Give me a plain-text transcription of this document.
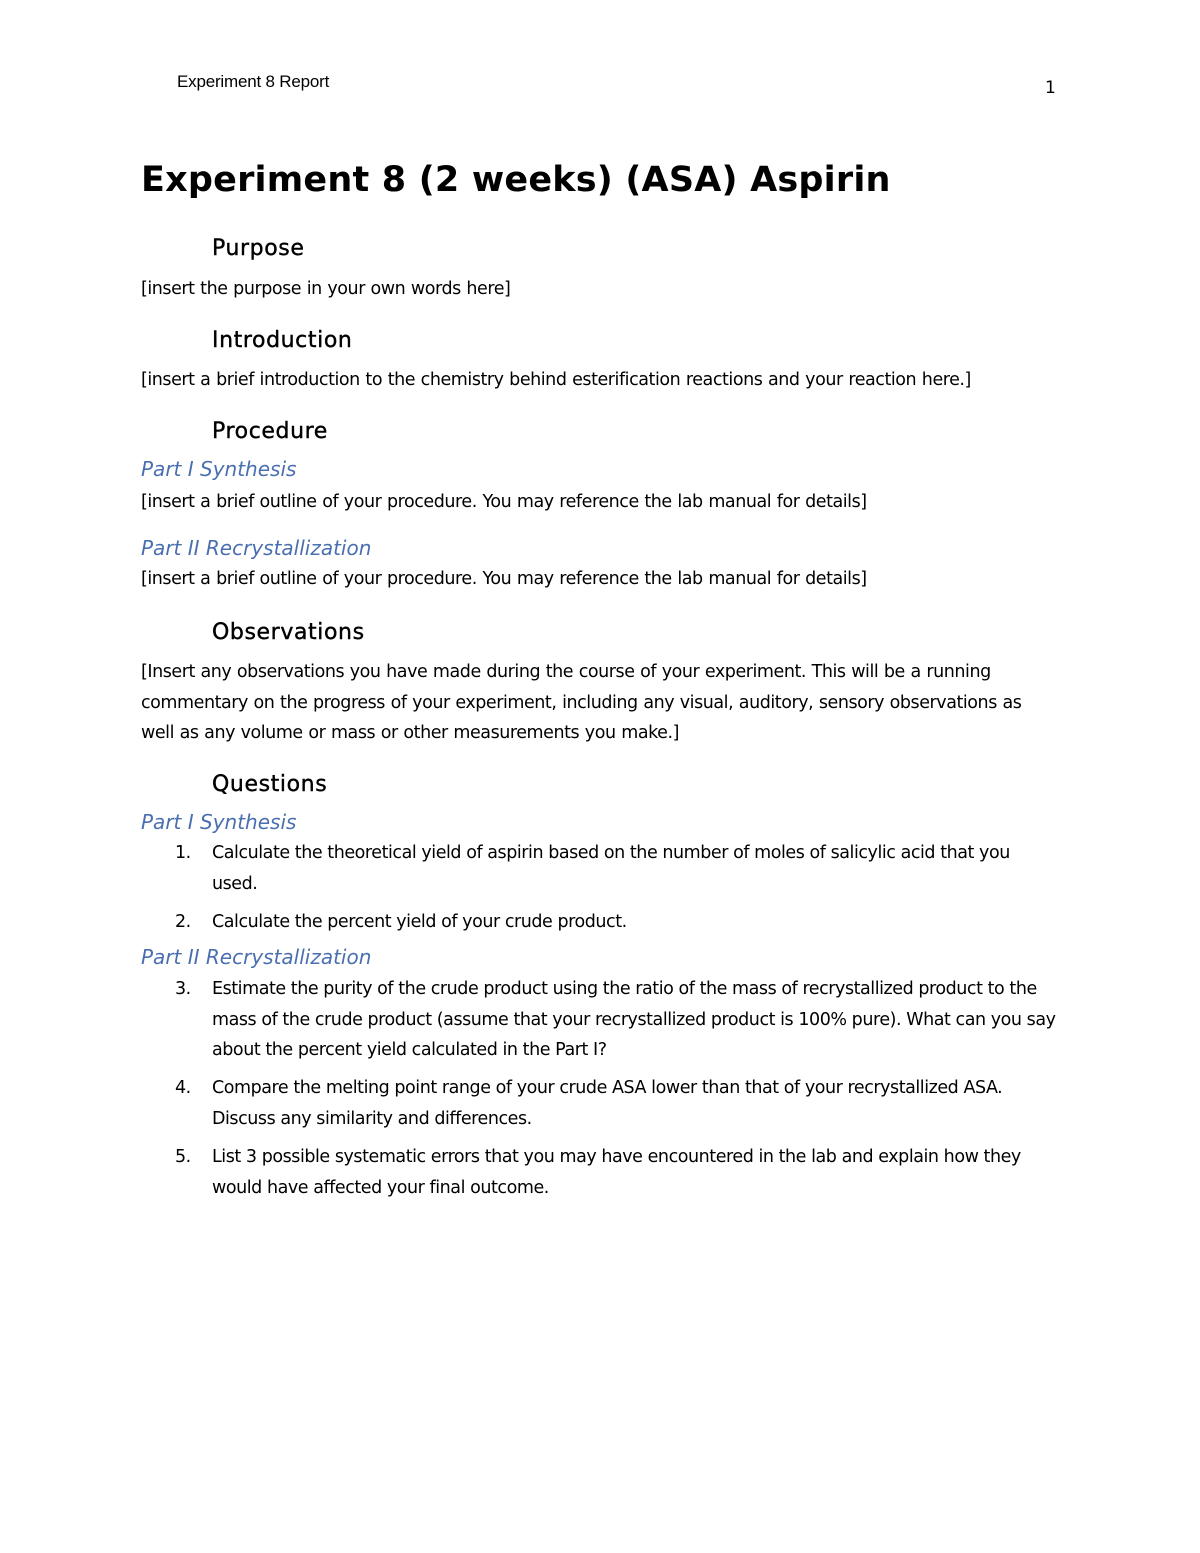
Experiment 8 Report	1
Experiment 8 (2 weeks) (ASA) Aspirin
Purpose

[insert the purpose in your own words here]

Introduction

[insert a brief introduction to the chemistry behind esterification reactions and your reaction here.]

Procedure
Part I Synthesis

[insert a brief outline of your procedure. You may reference the lab manual for details]

Part II Recrystallization

[insert a brief outline of your procedure. You may reference the lab manual for details]

Observations

[Insert any observations you have made during the course of your experiment. This will be a running commentary on the progress of your experiment, including any visual, auditory, sensory observations as well as any volume or mass or other measurements you make.]

Questions
Part I Synthesis
1. Calculate the theoretical yield of aspirin based on the number of moles of salicylic acid that you used.
2. Calculate the percent yield of your crude product.
Part II Recrystallization
3. Estimate the purity of the crude product using the ratio of the mass of recrystallized product to the mass of the crude product (assume that your recrystallized product is 100% pure). What can you say about the percent yield calculated in the Part I?
4. Compare the melting point range of your crude ASA lower than that of your recrystallized ASA. Discuss any similarity and differences.
5. List 3 possible systematic errors that you may have encountered in the lab and explain how they would have affected your final outcome.
